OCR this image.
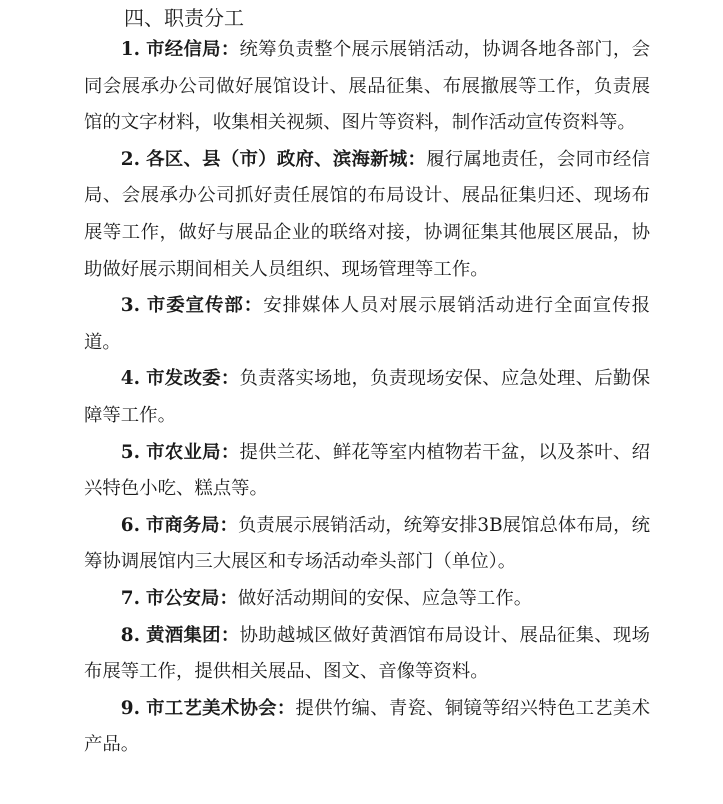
四、职责分工

1. 市经信局：统筹负责整个展示展销活动，协调各地各部门，会同会展承办公司做好展馆设计、展品征集、布展撤展等工作，负责展馆的文字材料，收集相关视频、图片等资料，制作活动宣传资料等。

2. 各区、县（市）政府、滨海新城：履行属地责任，会同市经信局、会展承办公司抓好责任展馆的布局设计、展品征集归还、现场布展等工作，做好与展品企业的联络对接，协调征集其他展区展品，协助做好展示期间相关人员组织、现场管理等工作。

3. 市委宣传部：安排媒体人员对展示展销活动进行全面宣传报道。

4. 市发改委：负责落实场地，负责现场安保、应急处理、后勤保障等工作。

5. 市农业局：提供兰花、鲜花等室内植物若干盆，以及茶叶、绍兴特色小吃、糕点等。

6. 市商务局：负责展示展销活动，统筹安排3B展馆总体布局，统筹协调展馆内三大展区和专场活动牵头部门（单位）。

7. 市公安局：做好活动期间的安保、应急等工作。

8. 黄酒集团：协助越城区做好黄酒馆布局设计、展品征集、现场布展等工作，提供相关展品、图文、音像等资料。

9. 市工艺美术协会：提供竹编、青瓷、铜镜等绍兴特色工艺美术产品。
